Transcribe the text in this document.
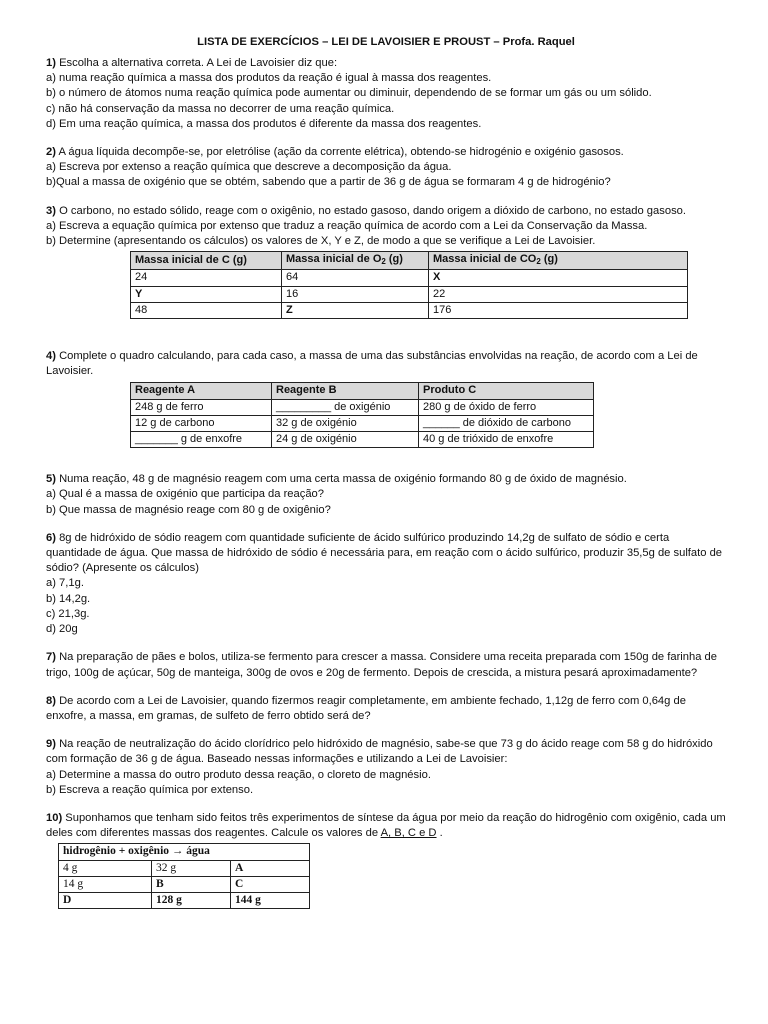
LISTA DE EXERCÍCIOS – LEI DE LAVOISIER E PROUST – Profa. Raquel

1) Escolha a alternativa correta. A Lei de Lavoisier diz que:

a) numa reação química a massa dos produtos da reação é igual à massa dos reagentes.

b) o número de átomos numa reação química pode aumentar ou diminuir, dependendo de se formar um gás ou um sólido.

c) não há conservação da massa no decorrer de uma reação química.

d) Em uma reação química, a massa dos produtos é diferente da massa dos reagentes.

2) A água líquida decompõe-se, por eletrólise (ação da corrente elétrica), obtendo-se hidrogénio e oxigénio gasosos.

a) Escreva por extenso a reação química que descreve a decomposição da água.

b)Qual a massa de oxigénio que se obtém, sabendo que a partir de 36 g de água se formaram 4 g de hidrogénio?

3) O carbono, no estado sólido, reage com o oxigênio, no estado gasoso, dando origem a dióxido de carbono, no estado gasoso.

a) Escreva a equação química por extenso que traduz a reação química de acordo com a Lei da Conservação da Massa.

b) Determine (apresentando os cálculos) os valores de X, Y e Z, de modo a que se verifique a Lei de Lavoisier.

Massa inicial de C (g)	Massa inicial de $O_2$ (g)	Massa inicial de $CO_2$ (g)
24	64	X
Y	16	22
48	Z	176

4) Complete o quadro calculando, para cada caso, a massa de uma das substâncias envolvidas na reação, de acordo com a Lei de Lavoisier.

Reagente A	Reagente B	Produto C
248 g de ferro	_________ de oxigénio	280 g de óxido de ferro
12 g de carbono	32 g de oxigénio	______ de dióxido de carbono
_______ g de enxofre	24 g de oxigénio	40 g de trióxido de enxofre

5) Numa reação, 48 g de magnésio reagem com uma certa massa de oxigénio formando 80 g de óxido de magnésio.

a) Qual é a massa de oxigénio que participa da reação?

b) Que massa de magnésio reage com 80 g de oxigênio?

6) 8g de hidróxido de sódio reagem com quantidade suficiente de ácido sulfúrico produzindo 14,2g de sulfato de sódio e certa quantidade de água. Que massa de hidróxido de sódio é necessária para, em reação com o ácido sulfúrico, produzir 35,5g de sulfato de sódio? (Apresente os cálculos)

a) 7,1g.

b) 14,2g.

c) 21,3g.

d) 20g

7) Na preparação de pães e bolos, utiliza-se fermento para crescer a massa. Considere uma receita preparada com 150g de farinha de trigo, 100g de açúcar, 50g de manteiga, 300g de ovos e 20g de fermento. Depois de crescida, a mistura pesará aproximadamente?

8) De acordo com a Lei de Lavoisier, quando fizermos reagir completamente, em ambiente fechado, 1,12g de ferro com 0,64g de enxofre, a massa, em gramas, de sulfeto de ferro obtido será de?

9) Na reação de neutralização do ácido clorídrico pelo hidróxido de magnésio, sabe-se que 73 g do ácido reage com 58 g do hidróxido com formação de 36 g de água. Baseado nessas informações e utilizando a Lei de Lavoisier:

a) Determine a massa do outro produto dessa reação, o cloreto de magnésio.

b) Escreva a reação química por extenso.

10) Suponhamos que tenham sido feitos três experimentos de síntese da água por meio da reação do hidrogênio com oxigênio, cada um deles com diferentes massas dos reagentes. Calcule os valores de A, B, C e D .

hidrogênio + oxigênio → água		
4 g	32 g	A
14 g	B	C
D	128 g	144 g
